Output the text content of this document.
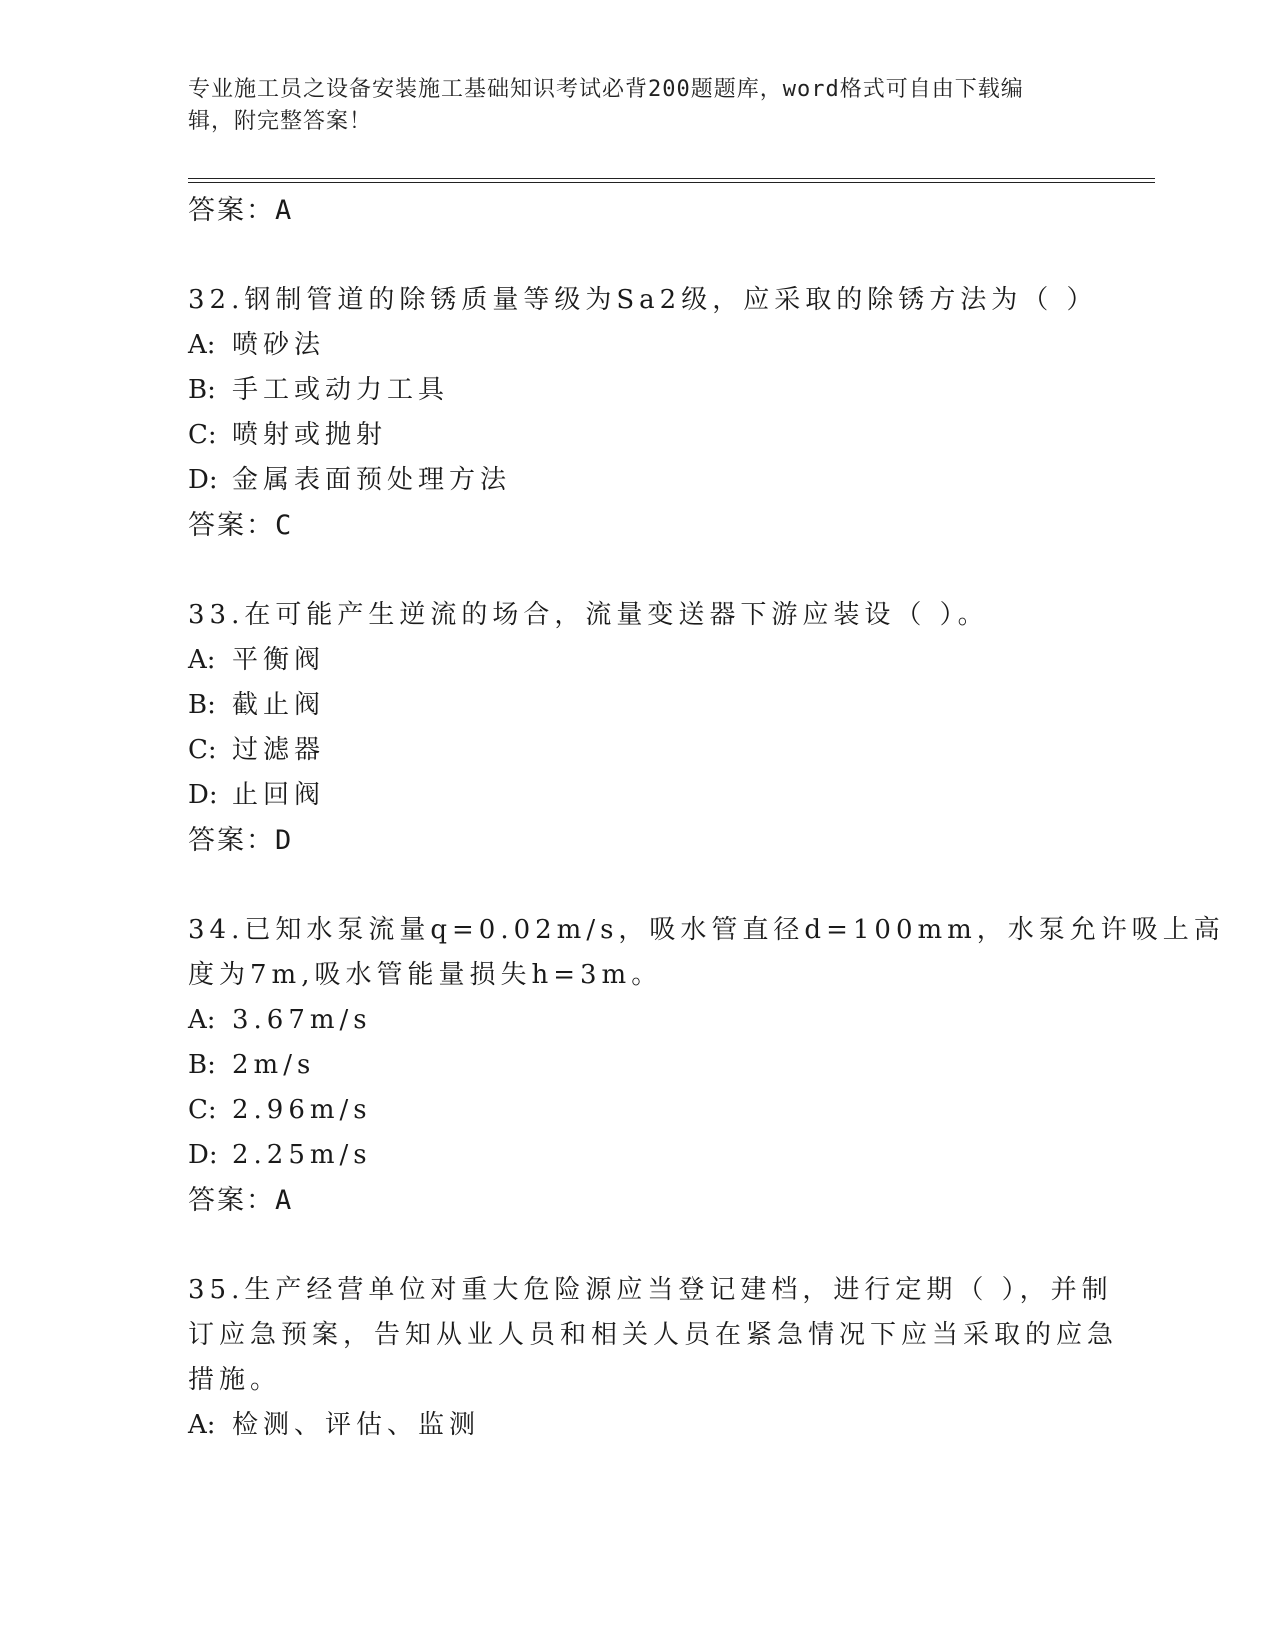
专业施工员之设备安装施工基础知识考试必背200题题库，word格式可自由下载编辑，附完整答案！

答案：A

32.钢制管道的除锈质量等级为Sa2级，应采取的除锈方法为（ ）

A: 喷砂法

B: 手工或动力工具

C: 喷射或抛射

D: 金属表面预处理方法

答案：C

33.在可能产生逆流的场合，流量变送器下游应装设（ ）。

A: 平衡阀

B: 截止阀

C: 过滤器

D: 止回阀

答案：D

34.已知水泵流量q=0.02m/s，吸水管直径d=100mm，水泵允许吸上高

度为7m,吸水管能量损失h=3m。

A: 3.67m/s

B: 2m/s

C: 2.96m/s

D: 2.25m/s

答案：A

35.生产经营单位对重大危险源应当登记建档，进行定期（ ），并制

订应急预案，告知从业人员和相关人员在紧急情况下应当采取的应急

措施。

A: 检测、评估、监测
